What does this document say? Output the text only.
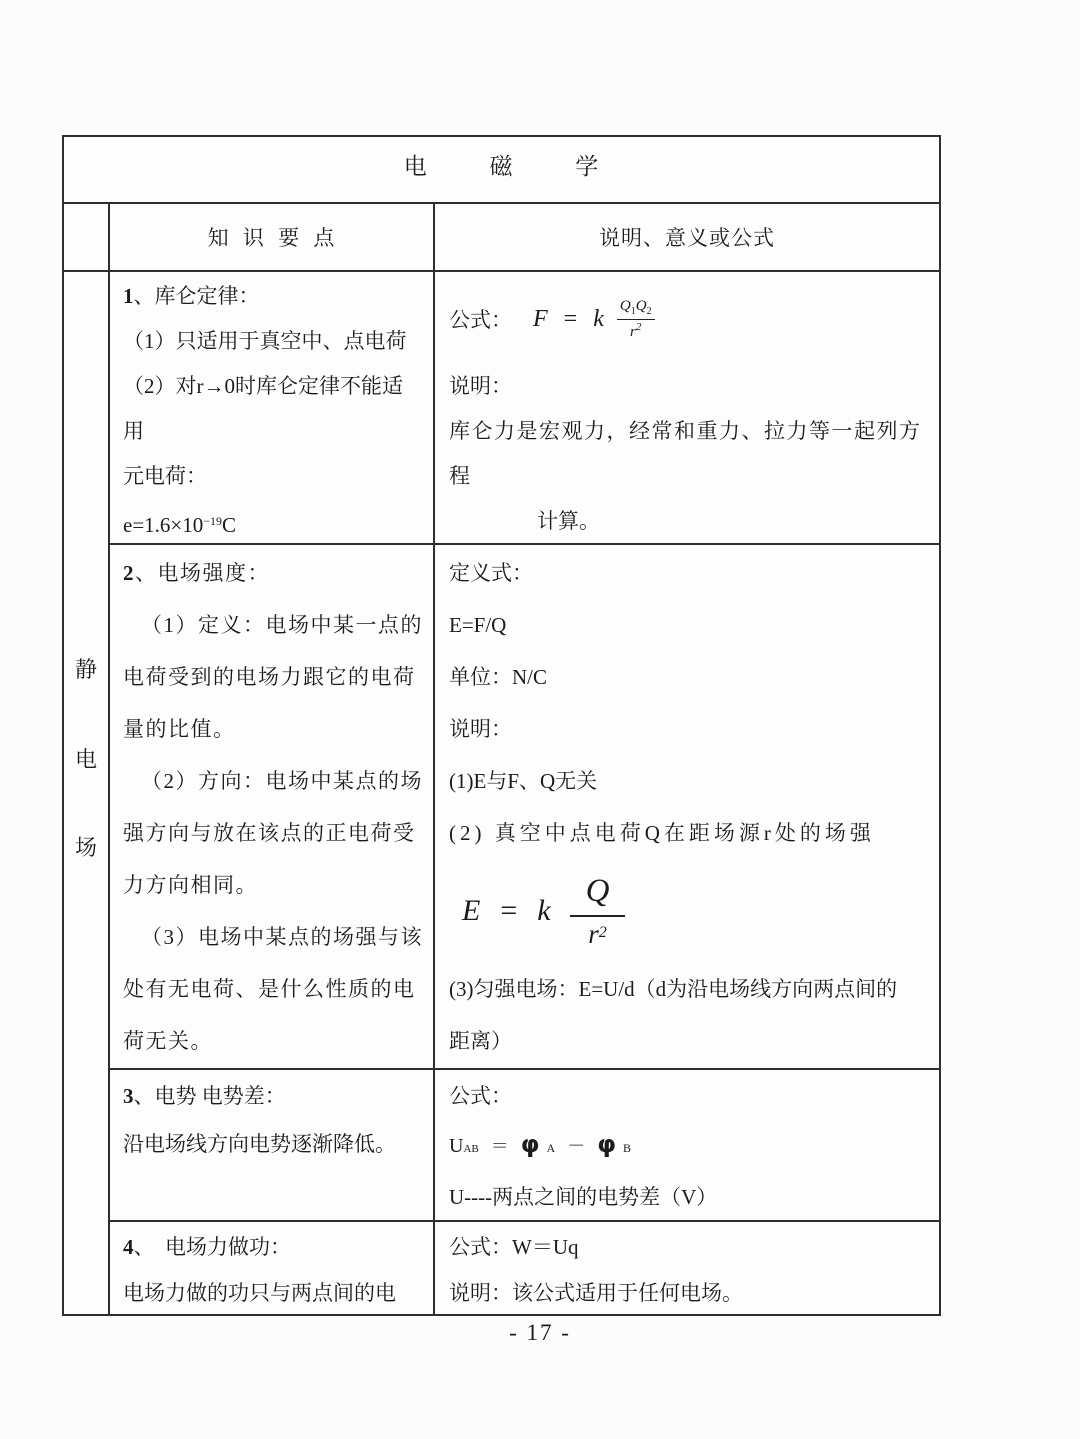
电 磁 学
知 识 要 点	说明、意义或公式
静
电
场
1、库仑定律：
（1）只适用于真空中、点电荷
（2）对r→0时库仑定律不能适
用
元电荷：
$e=1.6\times 10^{-19}C$
公式： F = k $\frac{Q_1Q_2}{r^2}$
说明：
库仑力是宏观力，经常和重力、拉力等一起列方程
计算。
2、电场强度：
（1）定义：电场中某一点的
电荷受到的电场力跟它的电荷
量的比值。
（2）方向：电场中某点的场
强方向与放在该点的正电荷受
力方向相同。
（3）电场中某点的场强与该
处有无电荷、是什么性质的电
荷无关。
定义式：
E=F/Q
单位：N/C
说明：
(1)E与F、Q无关
(2) 真空中点电荷Q在距场源r处的场强
E = k
Q
$r^2$
(3)匀强电场：E=U/d（d为沿电场线方向两点间的
距离）
3、电势 电势差：
沿电场线方向电势逐渐降低。
公式：
U AB ＝ φ A － φ B
U----两点之间的电势差（V）
4、　电场力做功：
电场力做的功只与两点间的电
公式：W＝Uq
说明：该公式适用于任何电场。
- 17 -
